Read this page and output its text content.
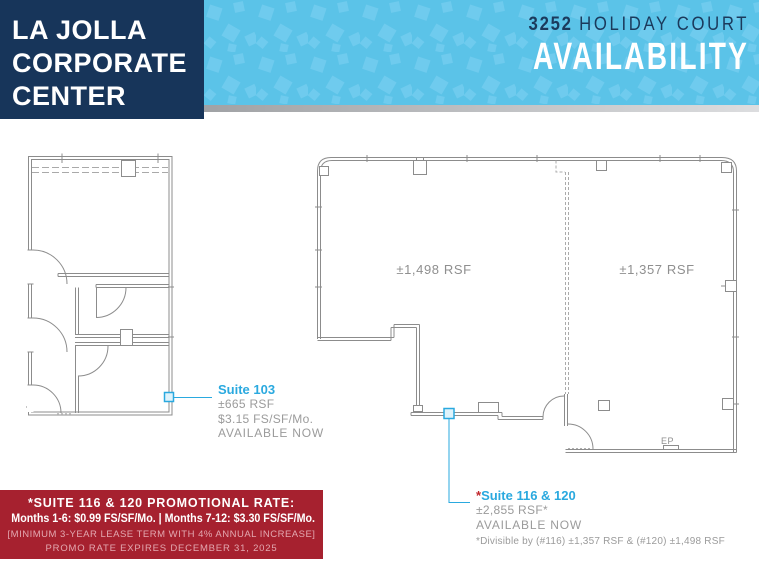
LA JOLLA
CORPORATE
CENTER
3252 HOLIDAY COURT
AVAILABILITY
±1,498 RSF	±1,357 RSF
EP
Suite 103
±665 RSF
$3.15 FS/SF/Mo.
AVAILABLE NOW
*Suite 116 & 120
±2,855 RSF*
AVAILABLE NOW
*Divisible by (#116) ±1,357 RSF & (#120) ±1,498 RSF
*SUITE 116 & 120 PROMOTIONAL RATE:
Months 1-6: $0.99 FS/SF/Mo. | Months 7-12: $3.30 FS/SF/Mo.
[MINIMUM 3-YEAR LEASE TERM WITH 4% ANNUAL INCREASE]
PROMO RATE EXPIRES DECEMBER 31, 2025
